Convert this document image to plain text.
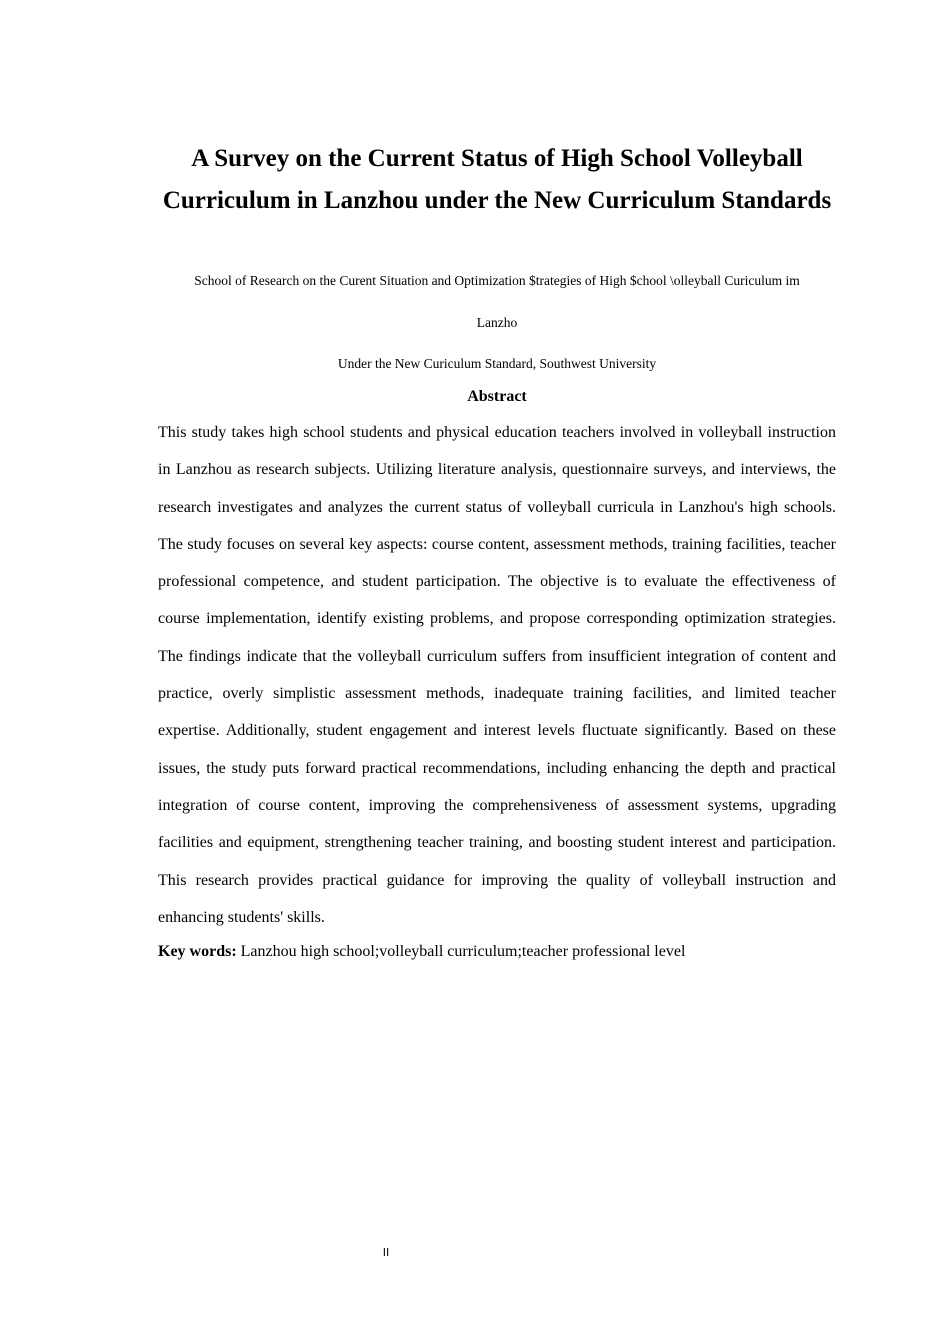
A Survey on the Current Status of High School Volleyball Curriculum in Lanzhou under the New Curriculum Standards

School of Research on the Curent Situation and Optimization $trategies of High $chool \olleyball Curiculum im

Lanzho

Under the New Curiculum Standard, Southwest University

Abstract

This study takes high school students and physical education teachers involved in volleyball instruction in Lanzhou as research subjects. Utilizing literature analysis, questionnaire surveys, and interviews, the research investigates and analyzes the current status of volleyball curricula in Lanzhou's high schools. The study focuses on several key aspects: course content, assessment methods, training facilities, teacher professional competence, and student participation. The objective is to evaluate the effectiveness of course implementation, identify existing problems, and propose corresponding optimization strategies. The findings indicate that the volleyball curriculum suffers from insufficient integration of content and practice, overly simplistic assessment methods, inadequate training facilities, and limited teacher expertise. Additionally, student engagement and interest levels fluctuate significantly. Based on these issues, the study puts forward practical recommendations, including enhancing the depth and practical integration of course content, improving the comprehensiveness of assessment systems, upgrading facilities and equipment, strengthening teacher training, and boosting student interest and participation. This research provides practical guidance for improving the quality of volleyball instruction and enhancing students' skills.

Key words: Lanzhou high school;volleyball curriculum;teacher professional level

II
